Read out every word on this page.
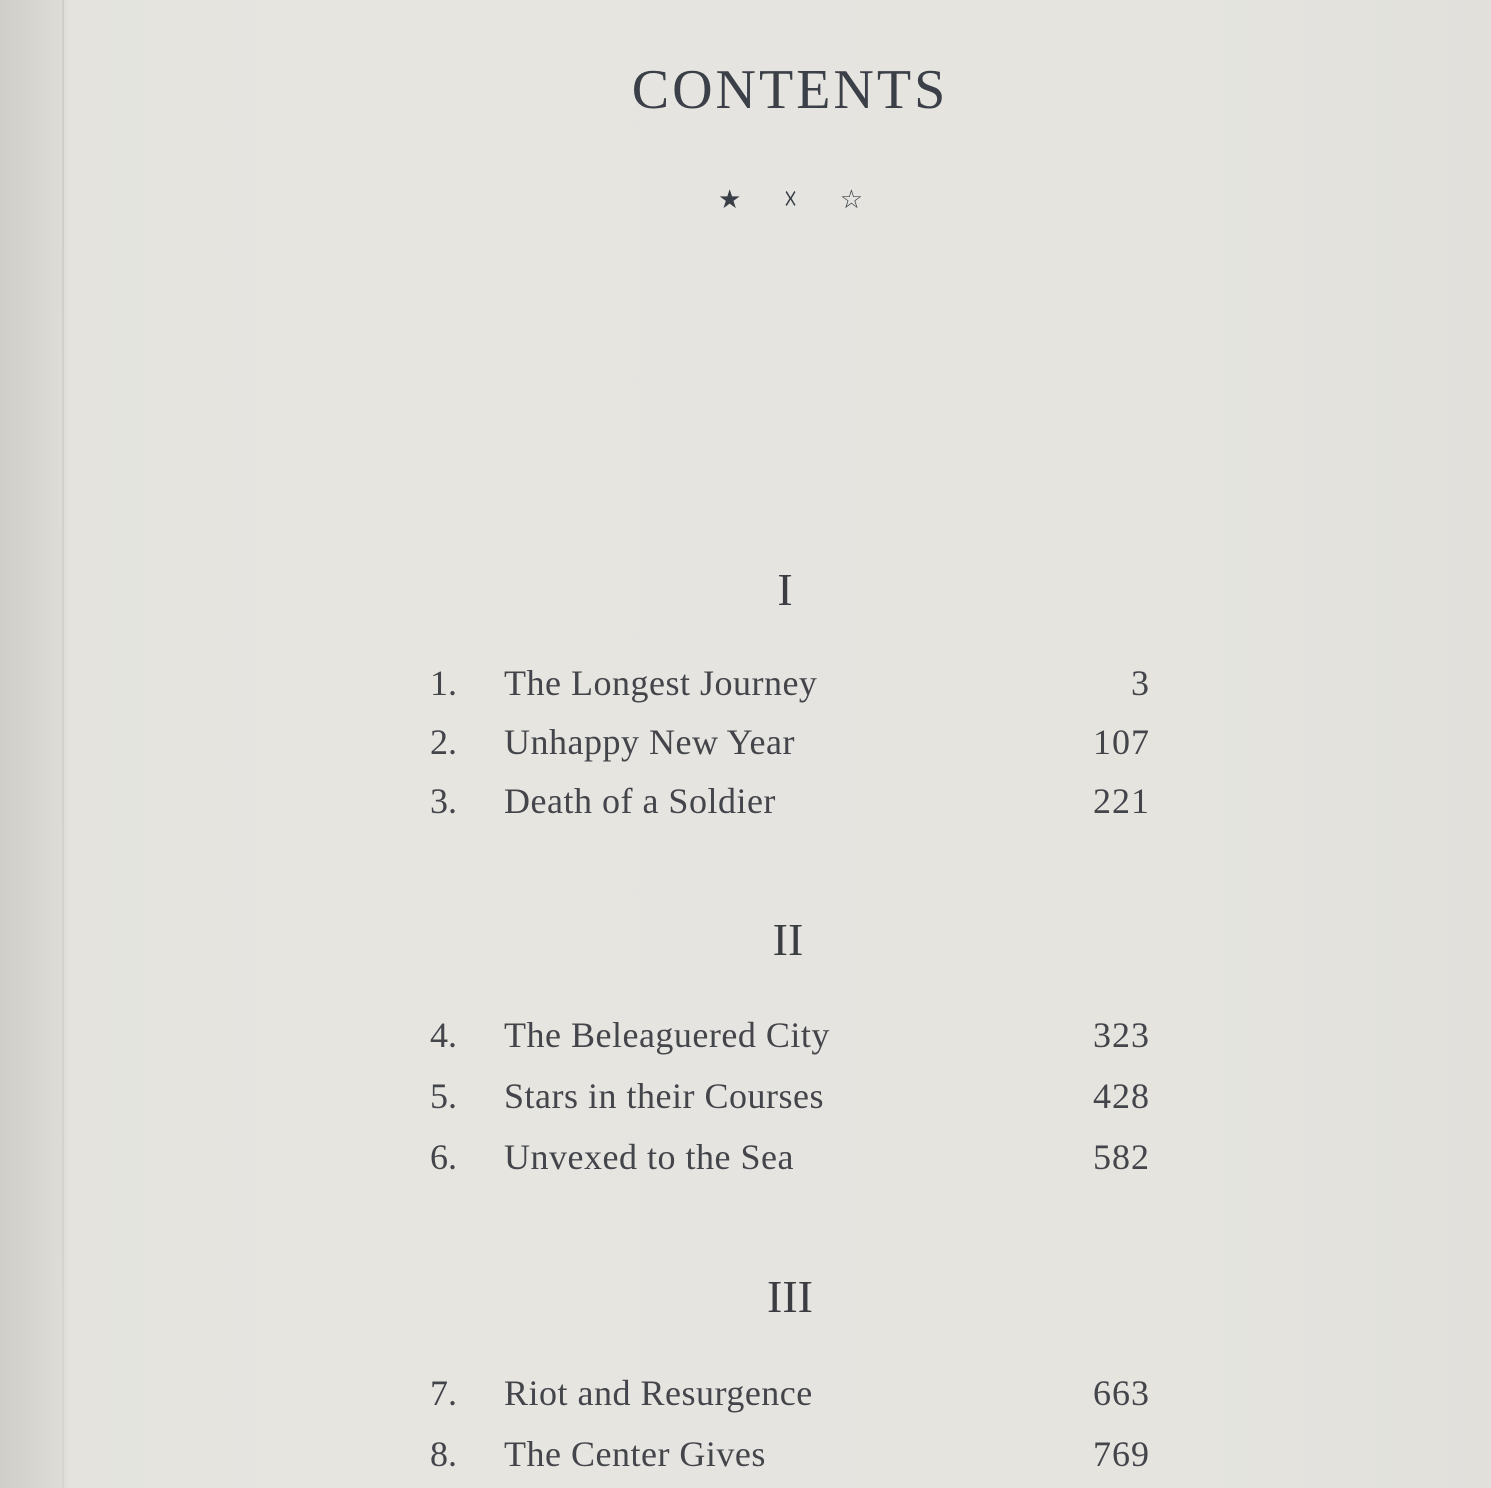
CONTENTS
★ ☓ ☆
I
1.	The Longest Journey	3
2.	Unhappy New Year	107
3.	Death of a Soldier	221
II
4.	The Beleaguered City	323
5.	Stars in their Courses	428
6.	Unvexed to the Sea	582
III
7.	Riot and Resurgence	663
8.	The Center Gives	769
